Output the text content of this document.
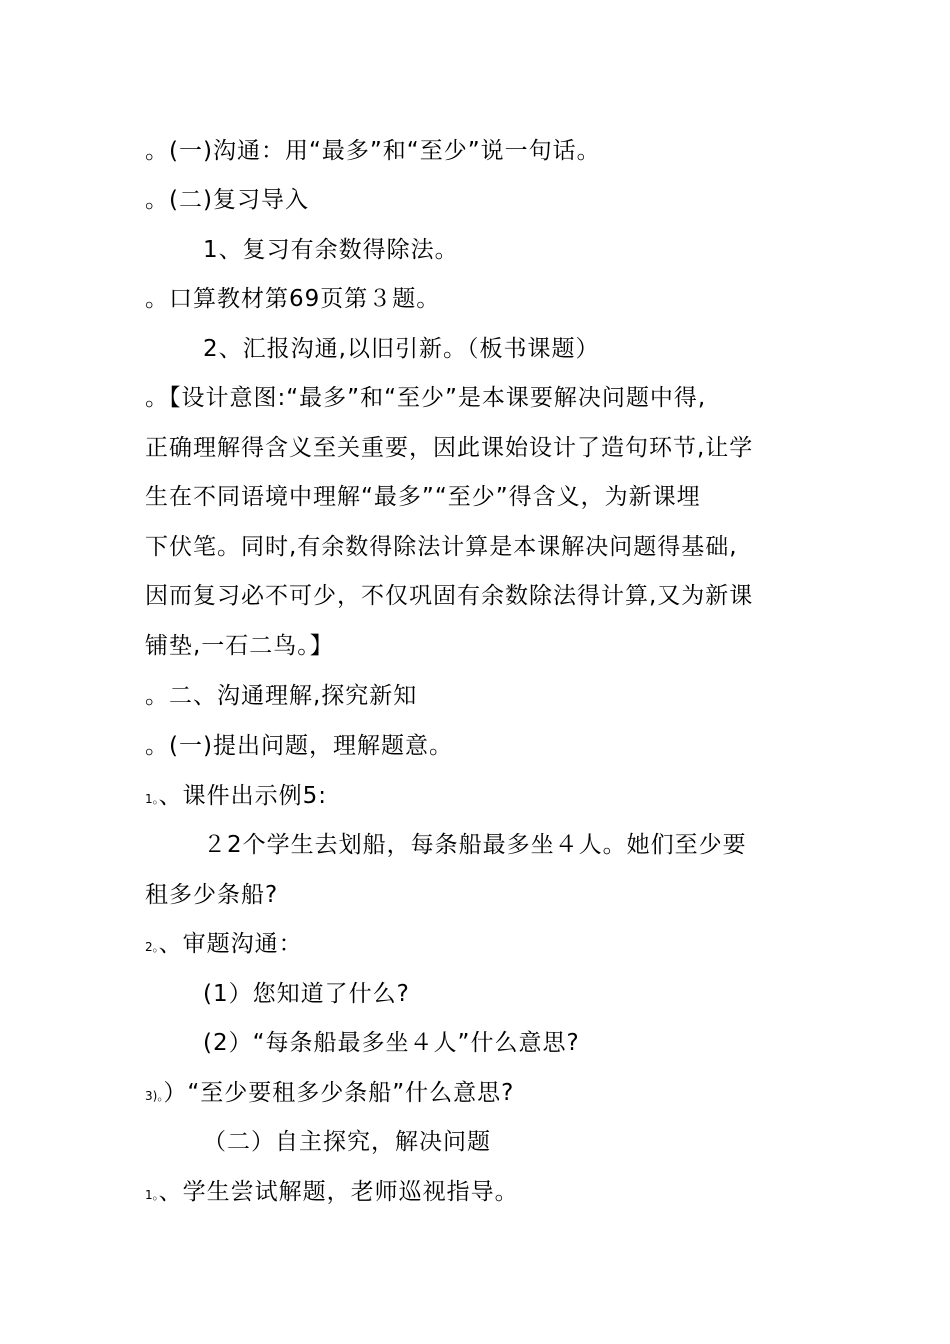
。(一)沟通：用“最多”和“至少”说一句话。
。(二)复习导入
1、复习有余数得除法。
。口算教材第69页第３题。
2、汇报沟通,以旧引新。（板书课题）
。【设计意图:“最多”和“至少”是本课要解决问题中得,
正确理解得含义至关重要，因此课始设计了造句环节,让学
生在不同语境中理解“最多”“至少”得含义，为新课埋
下伏笔。同时,有余数得除法计算是本课解决问题得基础,
因而复习必不可少，不仅巩固有余数除法得计算,又为新课
铺垫,一石二鸟。】
。二、沟通理解,探究新知
。(一)提出问题，理解题意。
1。、课件出示例5:
２2个学生去划船，每条船最多坐４人。她们至少要
租多少条船?
2。、审题沟通：
(1）您知道了什么?
(2）“每条船最多坐４人”什么意思?
3)。）“至少要租多少条船”什么意思?
（二）自主探究，解决问题
1。、学生尝试解题，老师巡视指导。
